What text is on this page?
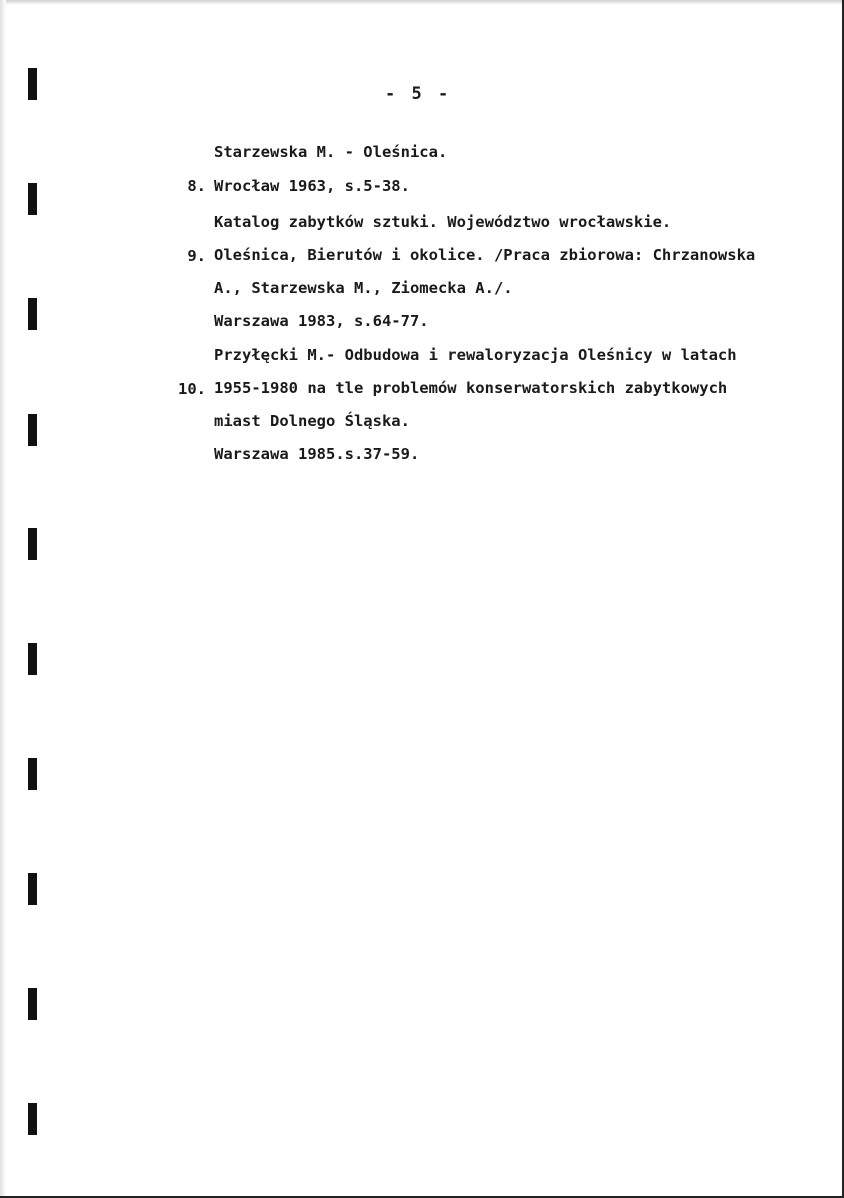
- 5 -

8.

Starzewska M. - Oleśnica.

Wrocław 1963, s.5-38.

9.

Katalog zabytków sztuki. Województwo wrocławskie.

Oleśnica, Bierutów i okolice. /Praca zbiorowa: Chrzanowska

A., Starzewska M., Ziomecka A./.

Warszawa 1983, s.64-77.

10.

Przyłęcki M.- Odbudowa i rewaloryzacja Oleśnicy w latach

1955-1980 na tle problemów konserwatorskich zabytkowych

miast Dolnego Śląska.

Warszawa 1985.s.37-59.
